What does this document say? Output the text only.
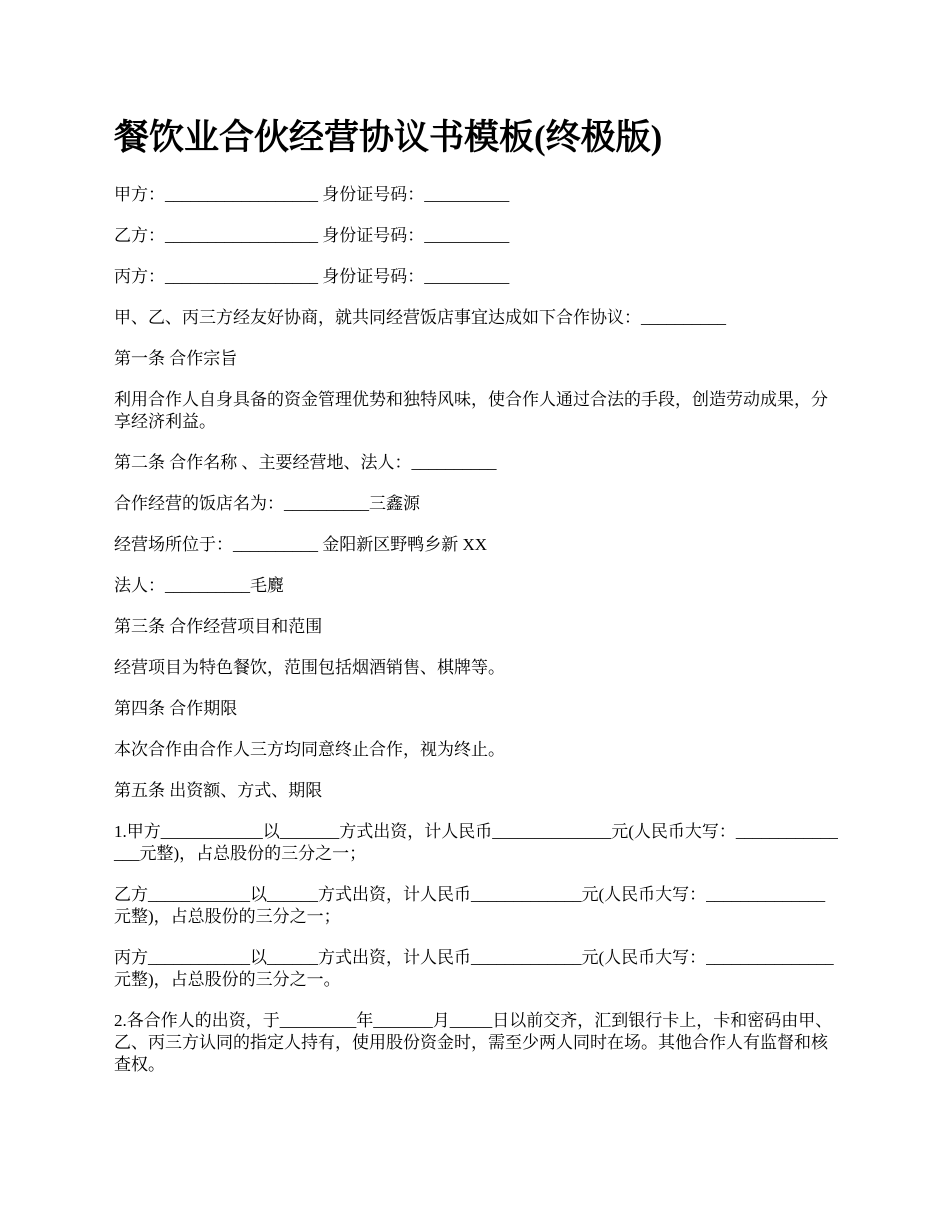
餐饮业合伙经营协议书模板(终极版)

甲方：__________________ 身份证号码：__________

乙方：__________________ 身份证号码：__________

丙方：__________________ 身份证号码：__________

甲、乙、丙三方经友好协商，就共同经营饭店事宜达成如下合作协议：__________

第一条 合作宗旨

利用合作人自身具备的资金管理优势和独特风味，使合作人通过合法的手段，创造劳动成果，分享经济利益。

第二条 合作名称 、主要经营地、法人：__________

合作经营的饭店名为：__________三鑫源

经营场所位于：__________ 金阳新区野鸭乡新 XX

法人：__________毛麑

第三条 合作经营项目和范围

经营项目为特色餐饮，范围包括烟酒销售、棋牌等。

第四条 合作期限

本次合作由合作人三方均同意终止合作，视为终止。

第五条 出资额、方式、期限

1.甲方____________以_______方式出资，计人民币______________元(人民币大写：_______________元整)，占总股份的三分之一；

乙方____________以______方式出资，计人民币_____________元(人民币大写：______________元整)，占总股份的三分之一；

丙方____________以______方式出资，计人民币_____________元(人民币大写：_______________元整)，占总股份的三分之一。

2.各合作人的出资，于_________年_______月_____日以前交齐，汇到银行卡上，卡和密码由甲、乙、丙三方认同的指定人持有，使用股份资金时，需至少两人同时在场。其他合作人有监督和核查权。
